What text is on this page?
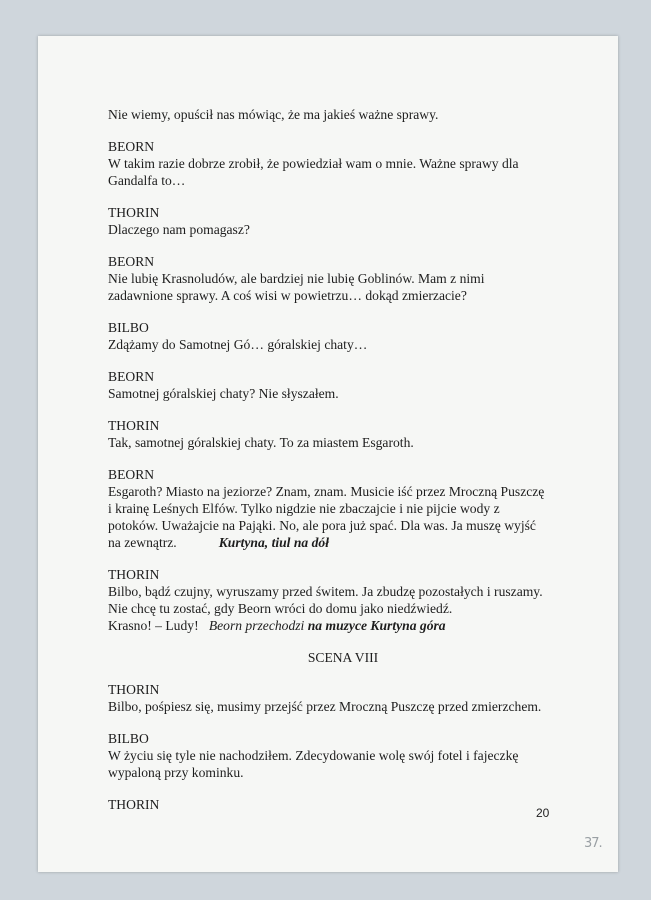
Nie wiemy, opuścił nas mówiąc, że ma jakieś ważne sprawy.
BEORN
W takim razie dobrze zrobił, że powiedział wam o mnie. Ważne sprawy dla
Gandalfa to…
THORIN
Dlaczego nam pomagasz?
BEORN
Nie lubię Krasnoludów, ale bardziej nie lubię Goblinów. Mam z nimi
zadawnione sprawy. A coś wisi w powietrzu… dokąd zmierzacie?
BILBO
Zdążamy do Samotnej Gó… góralskiej chaty…
BEORN
Samotnej góralskiej chaty? Nie słyszałem.
THORIN
Tak, samotnej góralskiej chaty. To za miastem Esgaroth.
BEORN
Esgaroth? Miasto na jeziorze? Znam, znam. Musicie iść przez Mroczną Puszczę
i krainę Leśnych Elfów. Tylko nigdzie nie zbaczajcie i nie pijcie wody z
potoków. Uważajcie na Pająki. No, ale pora już spać. Dla was. Ja muszę wyjść
na zewnątrz.	Kurtyna, tiul na dół
THORIN
Bilbo, bądź czujny, wyruszamy przed świtem. Ja zbudzę pozostałych i ruszamy.
Nie chcę tu zostać, gdy Beorn wróci do domu jako niedźwiedź.
Krasno! – Ludy! Beorn przechodzi na muzyce Kurtyna góra
SCENA VIII
THORIN
Bilbo, pośpiesz się, musimy przejść przez Mroczną Puszczę przed zmierzchem.
BILBO
W życiu się tyle nie nachodziłem. Zdecydowanie wolę swój fotel i fajeczkę
wypaloną przy kominku.
THORIN
20
37.
